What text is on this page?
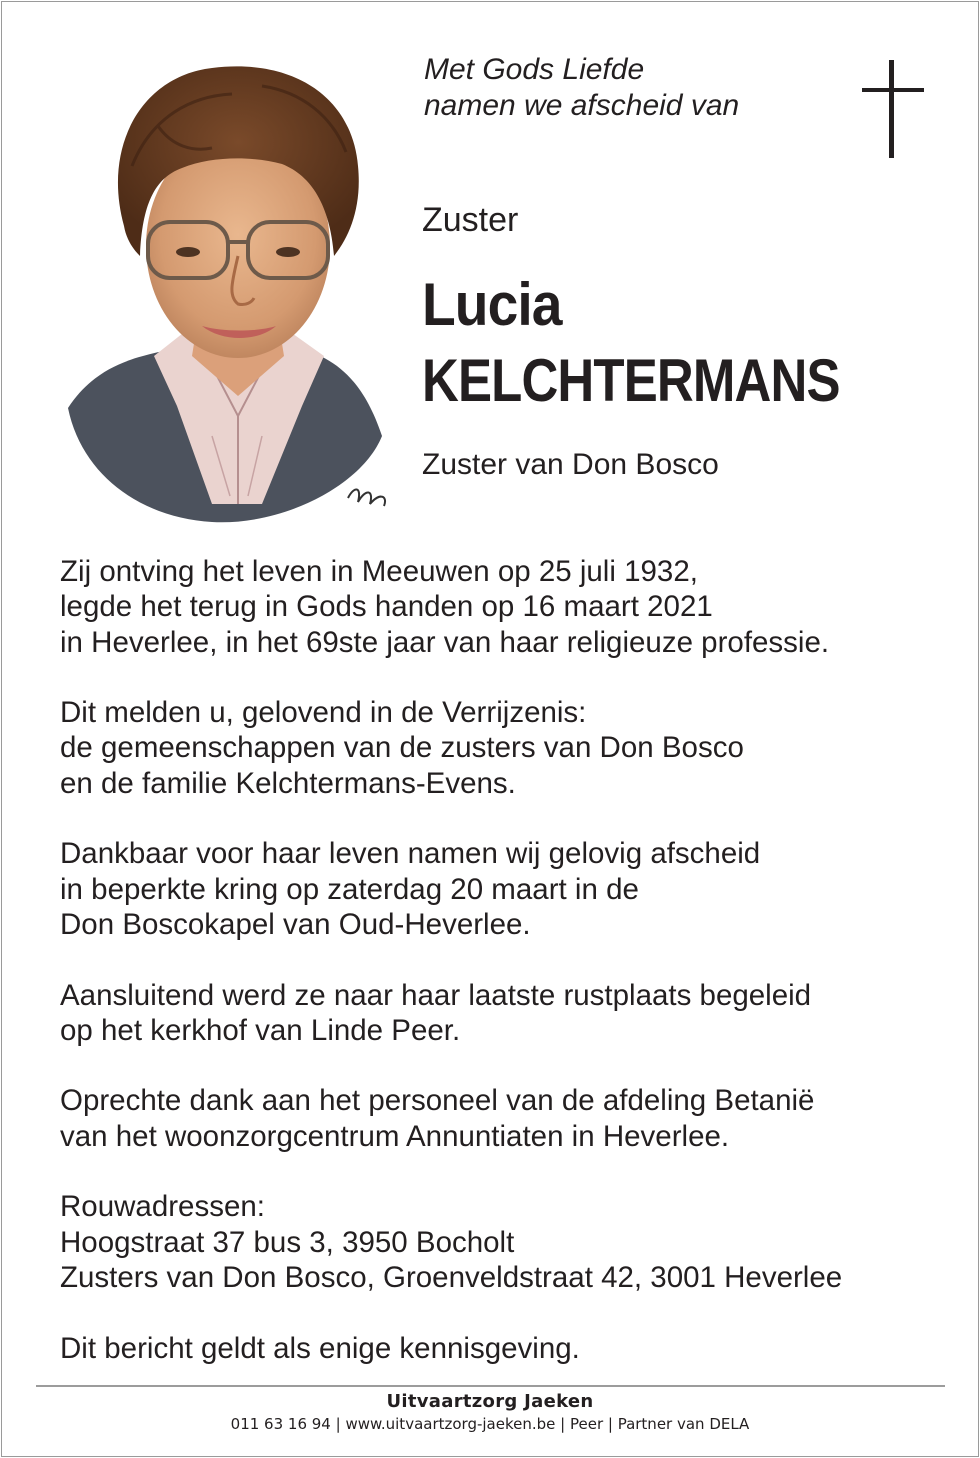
Met Gods Liefde
namen we afscheid van
Zuster
Lucia
KELCHTERMANS
Zuster van Don Bosco
Zij ontving het leven in Meeuwen op 25 juli 1932,
legde het terug in Gods handen op 16 maart 2021
in Heverlee, in het 69ste jaar van haar religieuze professie.
Dit melden u, gelovend in de Verrijzenis:
de gemeenschappen van de zusters van Don Bosco
en de familie Kelchtermans-Evens.
Dankbaar voor haar leven namen wij gelovig afscheid
in beperkte kring op zaterdag 20 maart in de
Don Boscokapel van Oud-Heverlee.
Aansluitend werd ze naar haar laatste rustplaats begeleid
op het kerkhof van Linde Peer.
Oprechte dank aan het personeel van de afdeling Betanië
van het woonzorgcentrum Annuntiaten in Heverlee.
Rouwadressen:
Hoogstraat 37 bus 3, 3950 Bocholt
Zusters van Don Bosco, Groenveldstraat 42, 3001 Heverlee
Dit bericht geldt als enige kennisgeving.
Uitvaartzorg Jaeken
011 63 16 94 | www.uitvaartzorg-jaeken.be | Peer | Partner van DELA
